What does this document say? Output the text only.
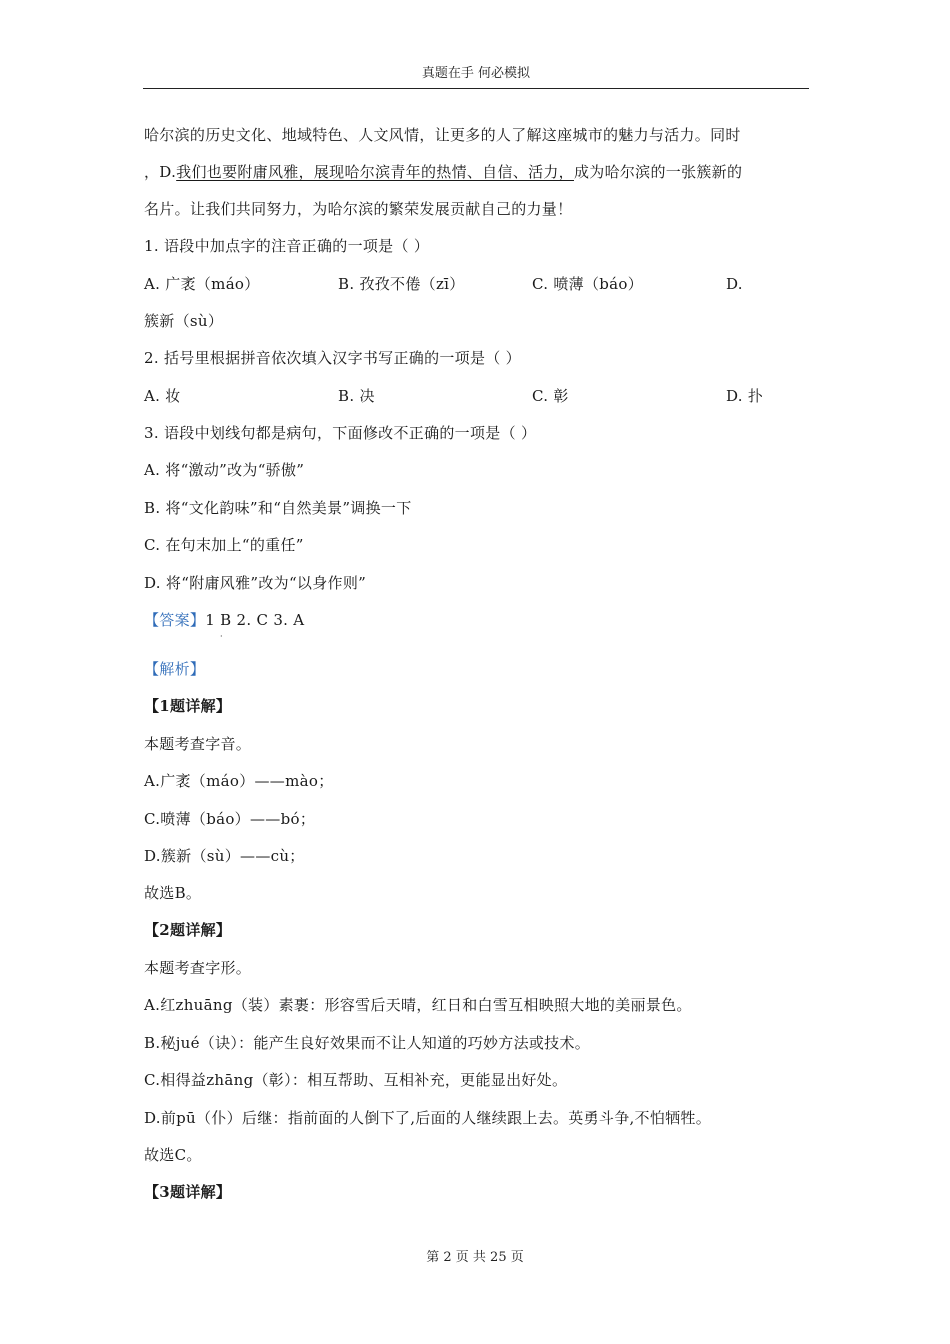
真题在手 何必模拟
哈尔滨的历史文化、地域特色、人文风情，让更多的人了解这座城市的魅力与活力。同时
，D.我们也要附庸风雅，展现哈尔滨青年的热情、自信、活力，成为哈尔滨的一张簇新的
名片。让我们共同努力，为哈尔滨的繁荣发展贡献自己的力量！
1. 语段中加点字的注音正确的一项是（ ）
A. 广袤（máo）	B. 孜孜不倦（zī）	C. 喷薄（báo）	D.
簇新（sù）
2. 括号里根据拼音依次填入汉字书写正确的一项是（ ）
A. 妆	B. 决	C. 彰	D. 扑
3. 语段中划线句都是病句，下面修改不正确的一项是（ ）
A. 将“激动”改为“骄傲”
B. 将“文化韵味”和“自然美景”调换一下
C. 在句末加上“的重任”
D. 将“附庸风雅”改为“以身作则”
【答案】1 B 2. C 3. A
·
【解析】
【1题详解】
本题考查字音。
A.广袤（máo）——mào；
C.喷薄（báo）——bó；
D.簇新（sù）——cù；
故选B。
【2题详解】
本题考查字形。
A.红zhuāng（装）素裹：形容雪后天晴，红日和白雪互相映照大地的美丽景色。
B.秘jué（诀）：能产生良好效果而不让人知道的巧妙方法或技术。
C.相得益zhāng（彰）：相互帮助、互相补充，更能显出好处。
D.前pū（仆）后继：指前面的人倒下了,后面的人继续跟上去。英勇斗争,不怕牺牲。
故选C。
【3题详解】
第 2 页 共 25 页
